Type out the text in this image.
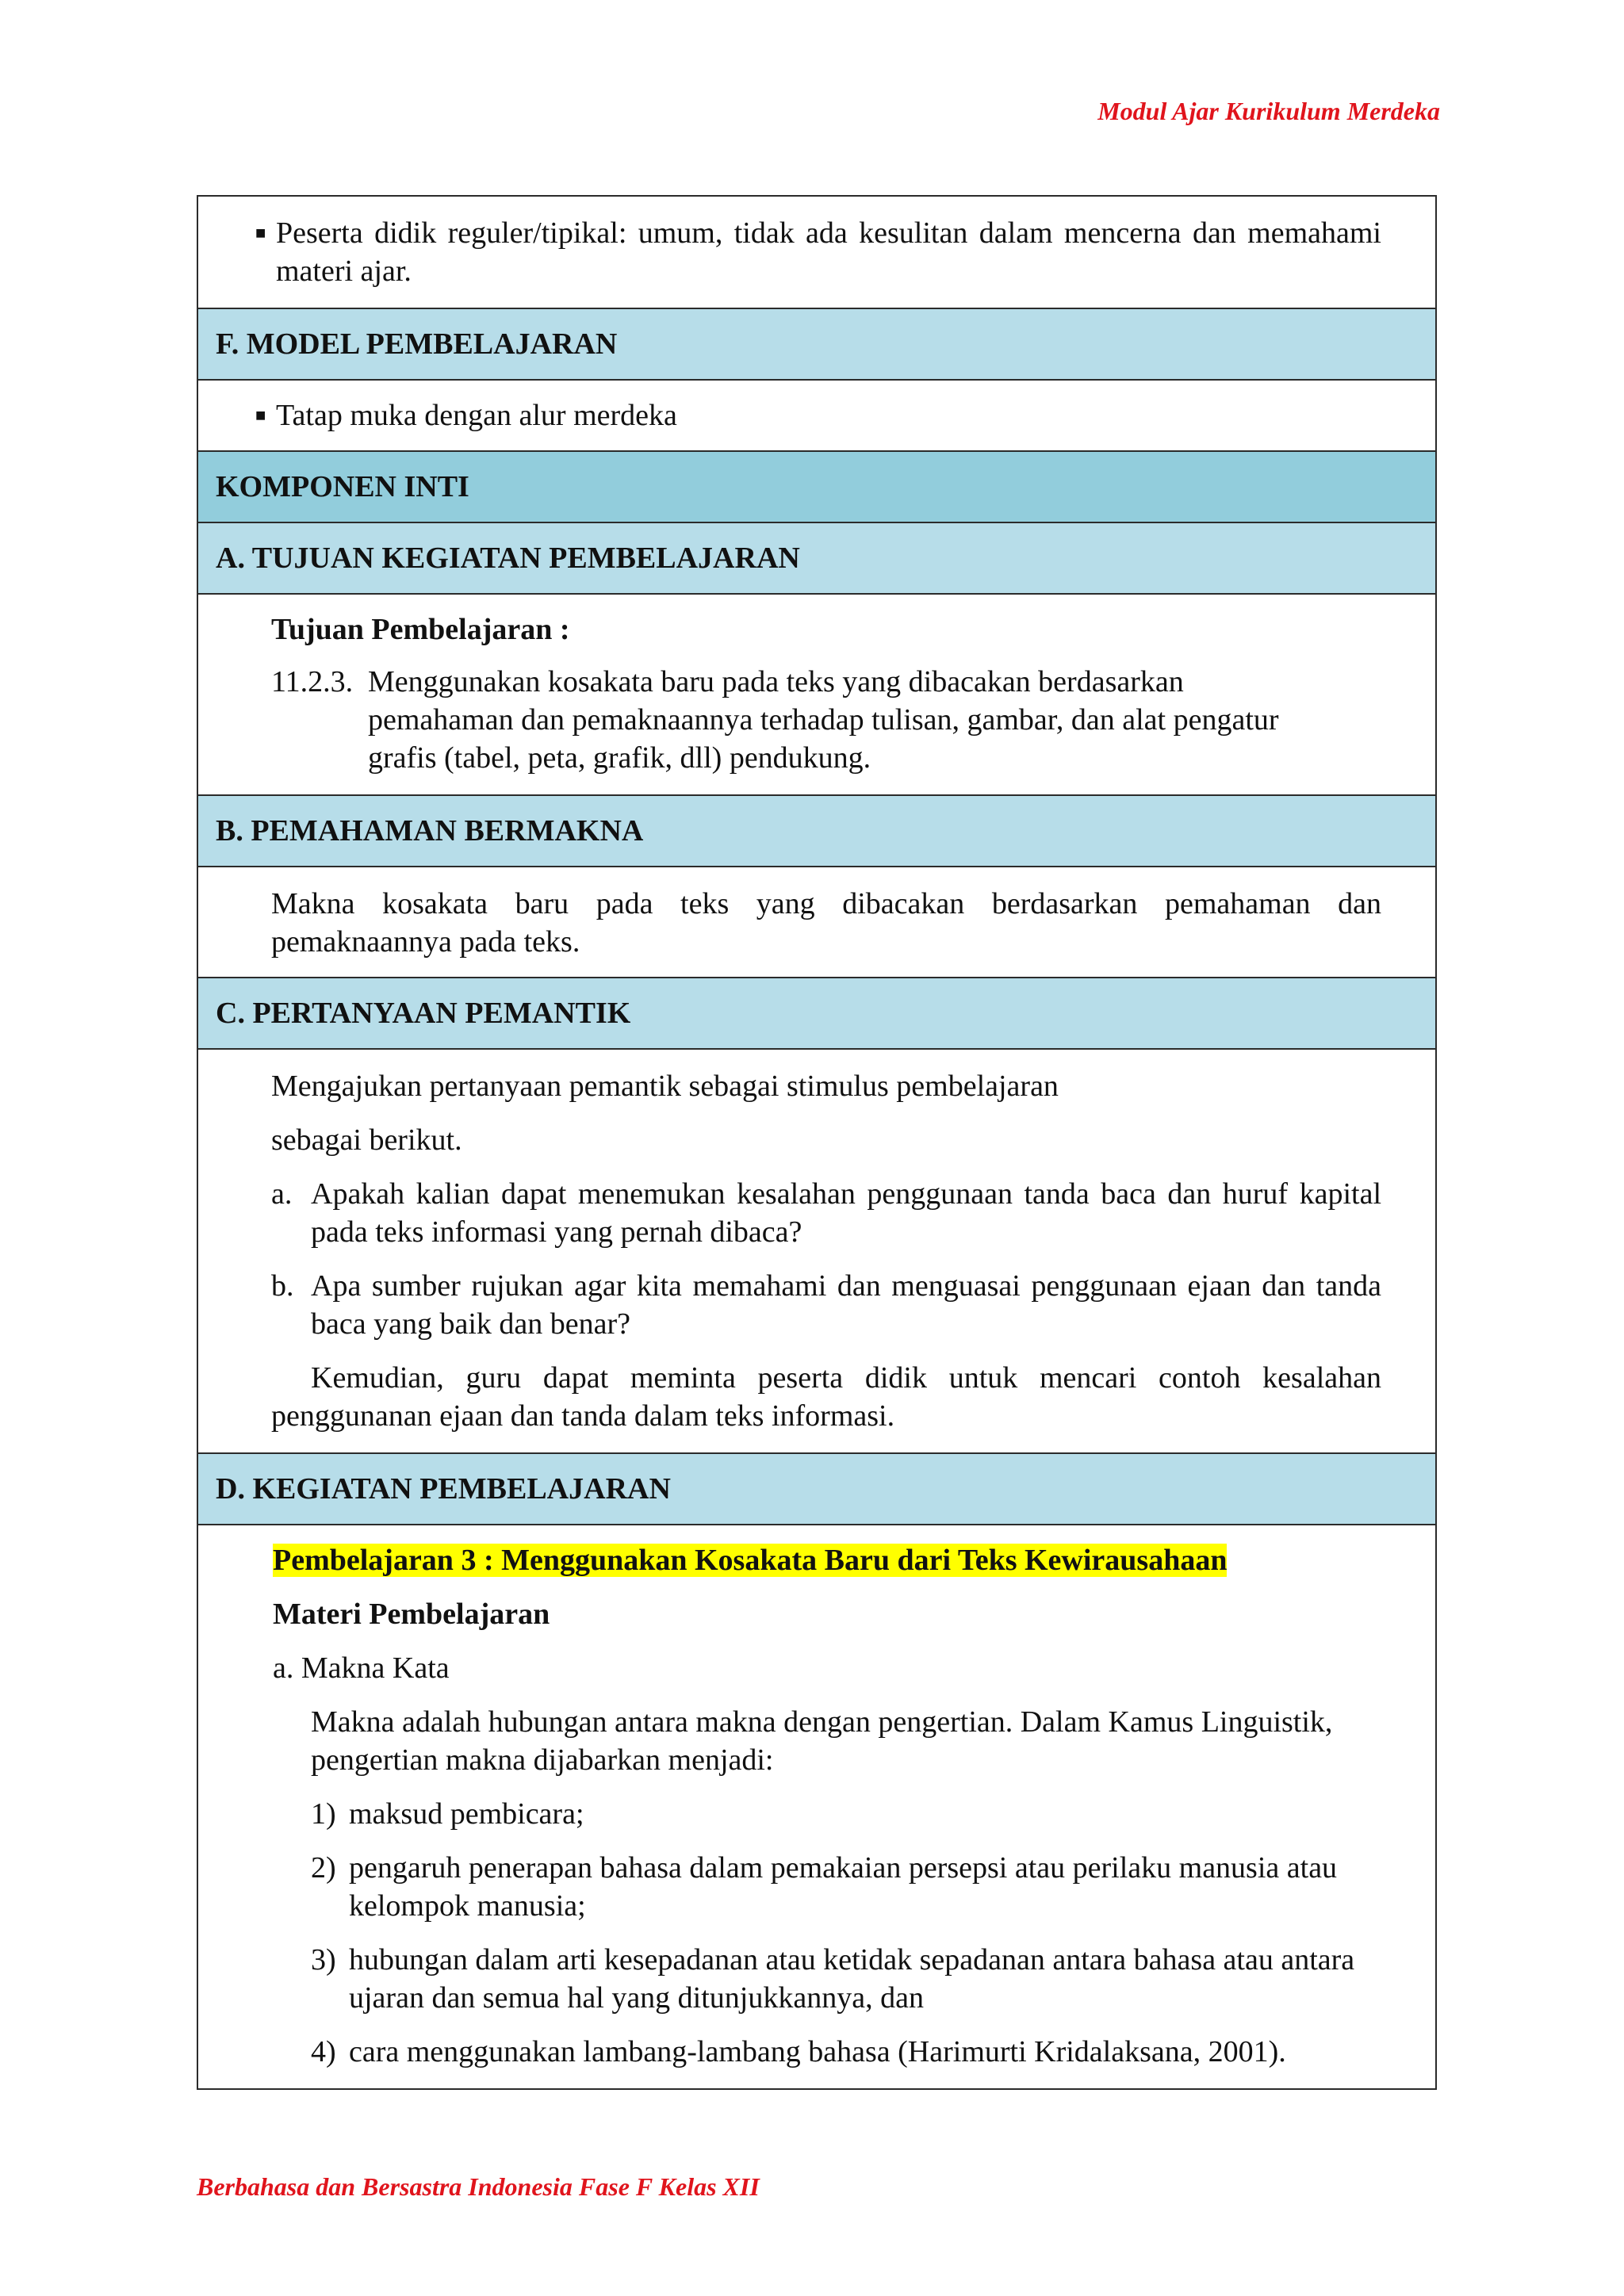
Modul Ajar Kurikulum Merdeka
■ Peserta didik reguler/tipikal: umum, tidak ada kesulitan dalam mencerna dan memahami materi ajar.
F. MODEL PEMBELAJARAN
■ Tatap muka dengan alur merdeka
KOMPONEN INTI
A. TUJUAN KEGIATAN PEMBELAJARAN
Tujuan Pembelajaran :
11.2.3. Menggunakan kosakata baru pada teks yang dibacakan berdasarkan pemahaman dan pemaknaannya terhadap tulisan, gambar, dan alat pengatur grafis (tabel, peta, grafik, dll) pendukung.
B. PEMAHAMAN BERMAKNA
Makna kosakata baru pada teks yang dibacakan berdasarkan pemahaman dan pemaknaannya pada teks.
C. PERTANYAAN PEMANTIK
Mengajukan pertanyaan pemantik sebagai stimulus pembelajaran
sebagai berikut.
a. Apakah kalian dapat menemukan kesalahan penggunaan tanda baca dan huruf kapital pada teks informasi yang pernah dibaca?
b. Apa sumber rujukan agar kita memahami dan menguasai penggunaan ejaan dan tanda baca yang baik dan benar?
Kemudian, guru dapat meminta peserta didik untuk mencari contoh kesalahan penggunanan ejaan dan tanda dalam teks informasi.
D. KEGIATAN PEMBELAJARAN
Pembelajaran 3 : Menggunakan Kosakata Baru dari Teks Kewirausahaan
Materi Pembelajaran
a. Makna Kata
Makna adalah hubungan antara makna dengan pengertian. Dalam Kamus Linguistik, pengertian makna dijabarkan menjadi:
1) maksud pembicara;
2) pengaruh penerapan bahasa dalam pemakaian persepsi atau perilaku manusia atau kelompok manusia;
3) hubungan dalam arti kesepadanan atau ketidak sepadanan antara bahasa atau antara ujaran dan semua hal yang ditunjukkannya, dan
4) cara menggunakan lambang-lambang bahasa (Harimurti Kridalaksana, 2001).
Berbahasa dan Bersastra Indonesia Fase F Kelas XII
